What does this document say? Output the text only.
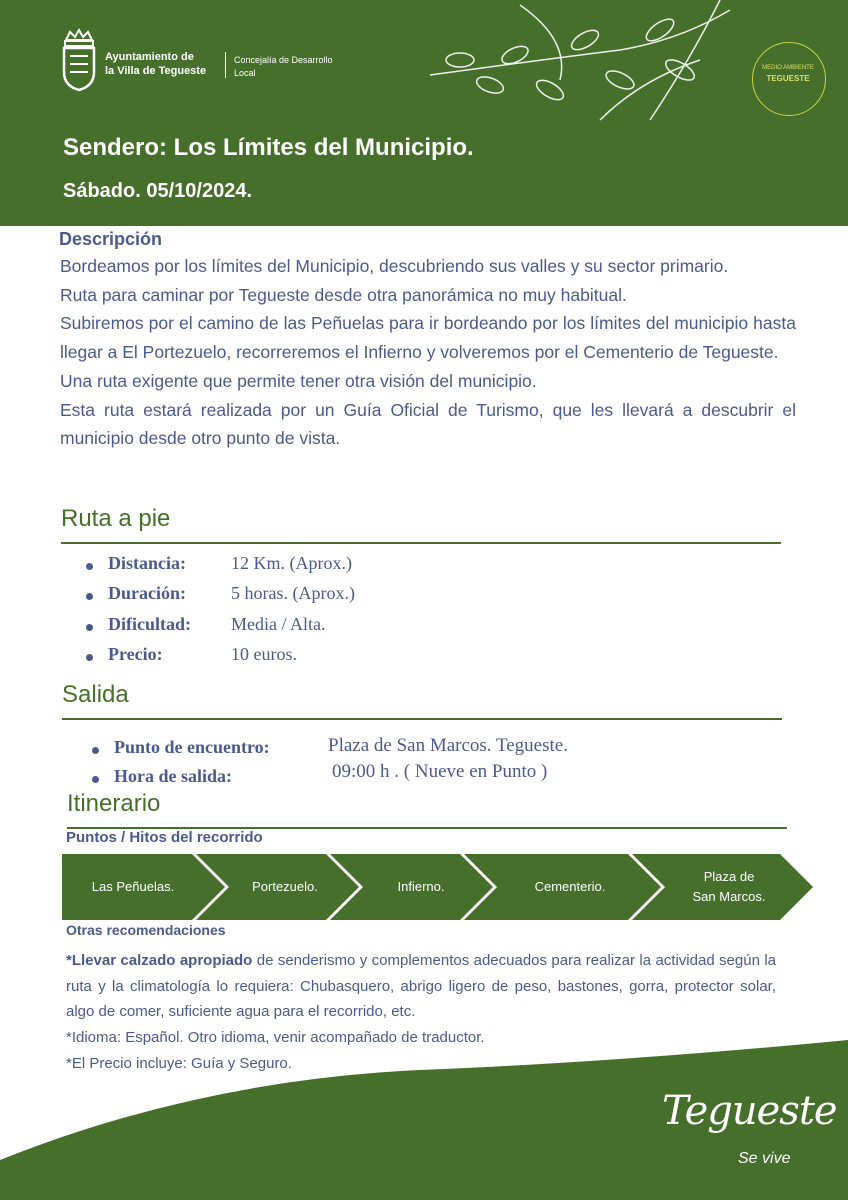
Ayuntamiento de
la Villa de Tegueste
Concejalía de Desarrollo
Local	MEDIO AMBIENTE
TEGUESTE
Sendero: Los Límites del Municipio.
Sábado. 05/10/2024.
Descripción

Bordeamos por los límites del Municipio, descubriendo sus valles y su sector primario.

Ruta para caminar por Tegueste desde otra panorámica no muy habitual.

Subiremos por el camino de las Peñuelas para ir bordeando por los límites del municipio hasta llegar a El Portezuelo, recorreremos el Infierno y volveremos por el Cementerio de Tegueste.

Una ruta exigente que permite tener otra visión del municipio.

Esta ruta estará realizada por un Guía Oficial de Turismo, que les llevará a descubrir el municipio desde otro punto de vista.

Ruta a pie
Distancia:	12 Km. (Aprox.)
Duración:	5 horas. (Aprox.)
Dificultad: Media / Alta.
Precio:	10 euros.
Salida
Punto de encuentro:	Plaza de San Marcos. Tegueste.
Hora de salida:	09:00 h . ( Nueve en Punto )
Itinerario
Puntos / Hitos del recorrido
Las Peñuelas.	Portezuelo.	Infierno.	Cementerio.
Plaza de
San Marcos.
Otras recomendaciones

*Llevar calzado apropiado de senderismo y complementos adecuados para realizar la actividad según la ruta y la climatología lo requiera: Chubasquero, abrigo ligero de peso, bastones, gorra, protector solar, algo de comer, suficiente agua para el recorrido, etc.

*Idioma: Español. Otro idioma, venir acompañado de traductor.

*El Precio incluye: Guía y Seguro.

Tegueste
Se vive
